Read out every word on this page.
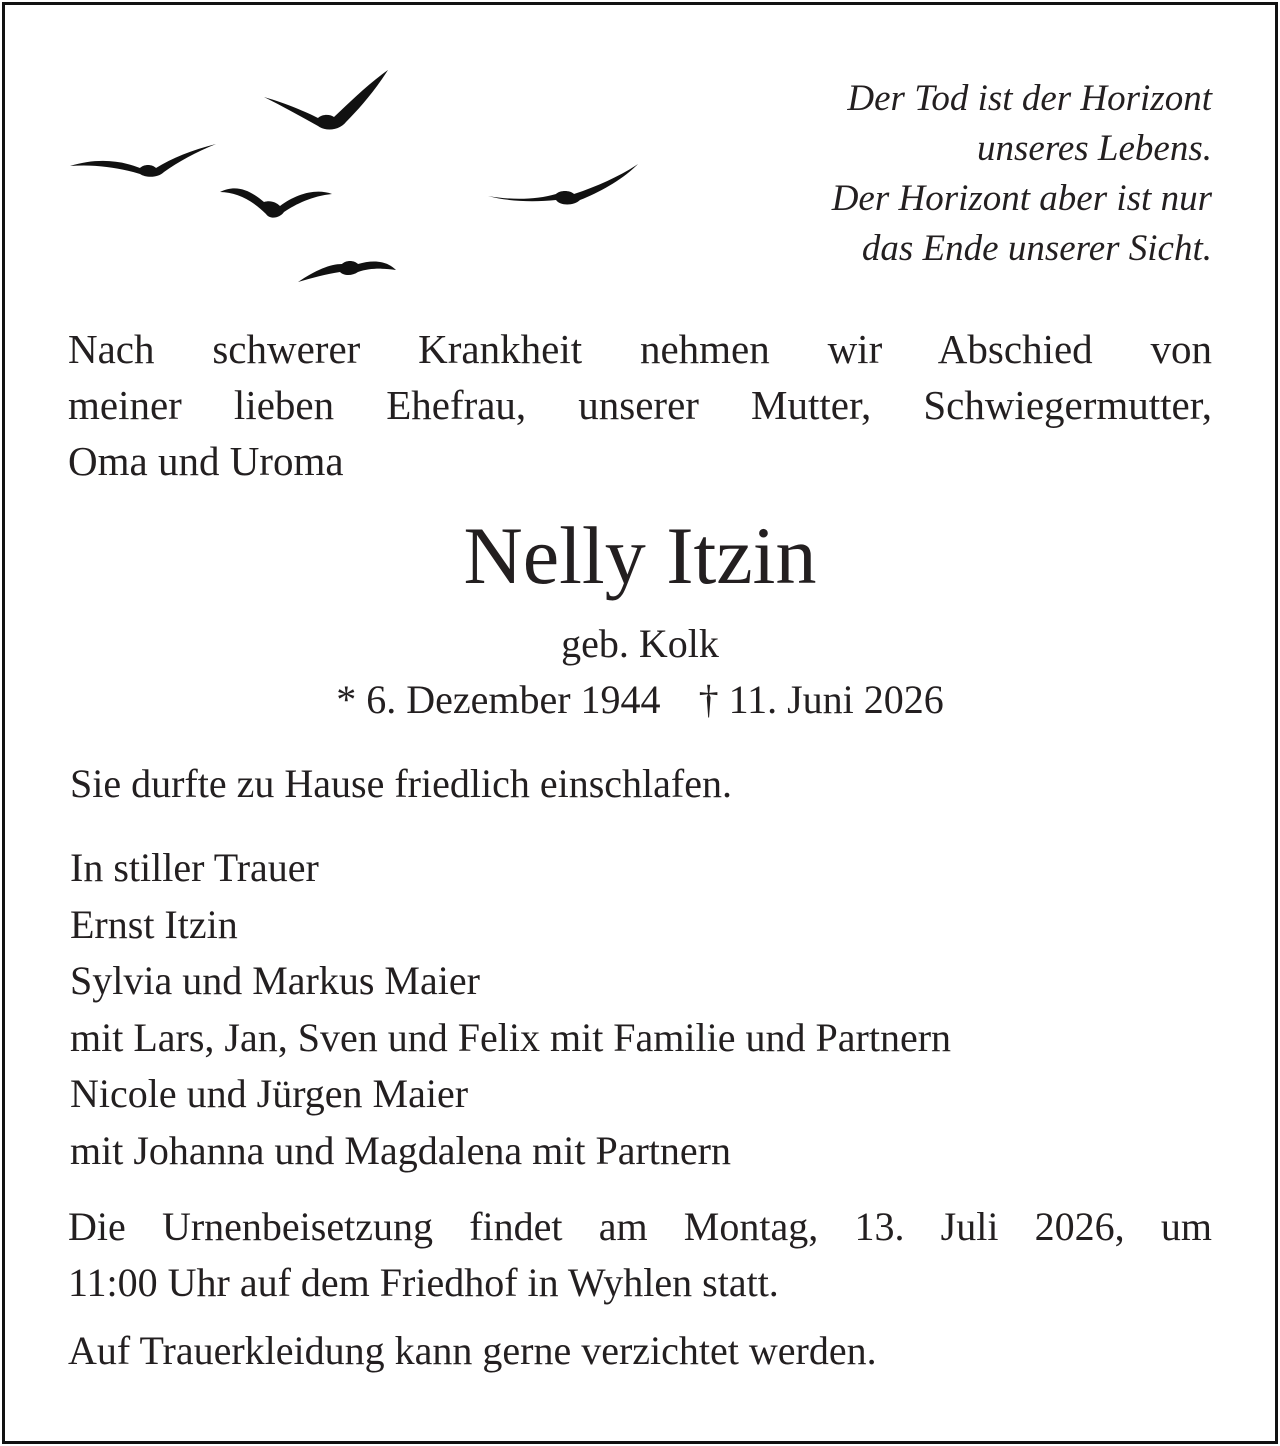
Der Tod ist der Horizont
unseres Lebens.
Der Horizont aber ist nur
das Ende unserer Sicht.

Nach schwerer Krankheit nehmen wir Abschied von
meiner lieben Ehefrau, unserer Mutter, Schwiegermutter,
Oma und Uroma

Nelly Itzin

geb. Kolk

* 6. Dezember 1944 † 11. Juni 2026

Sie durfte zu Hause friedlich einschlafen.

In stiller Trauer
Ernst Itzin
Sylvia und Markus Maier
mit Lars, Jan, Sven und Felix mit Familie und Partnern
Nicole und Jürgen Maier
mit Johanna und Magdalena mit Partnern

Die Urnenbeisetzung findet am Montag, 13. Juli 2026, um
11:00 Uhr auf dem Friedhof in Wyhlen statt.

Auf Trauerkleidung kann gerne verzichtet werden.
